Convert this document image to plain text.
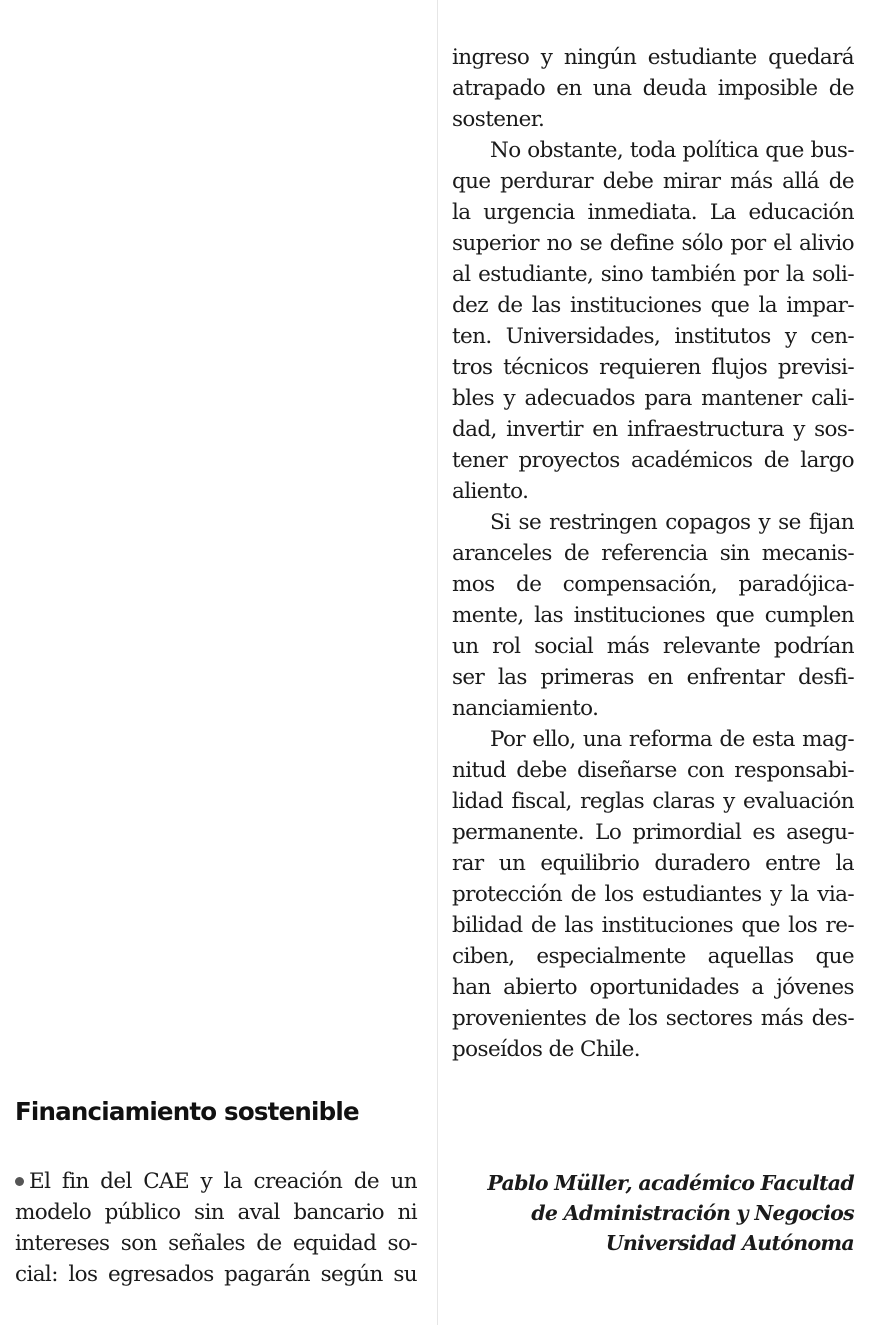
ingreso y ningún estudiante quedará
atrapado en una deuda imposible de
sostener.
No obstante, toda política que bus-
que perdurar debe mirar más allá de
la urgencia inmediata. La educación
superior no se define sólo por el alivio
al estudiante, sino también por la soli-
dez de las instituciones que la impar-
ten. Universidades, institutos y cen-
tros técnicos requieren flujos previsi-
bles y adecuados para mantener cali-
dad, invertir en infraestructura y sos-
tener proyectos académicos de largo
aliento.
Si se restringen copagos y se fijan
aranceles de referencia sin mecanis-
mos de compensación, paradójica-
mente, las instituciones que cumplen
un rol social más relevante podrían
ser las primeras en enfrentar desfi-
nanciamiento.
Por ello, una reforma de esta mag-
nitud debe diseñarse con responsabi-
lidad fiscal, reglas claras y evaluación
permanente. Lo primordial es asegu-
rar un equilibrio duradero entre la
protección de los estudiantes y la via-
bilidad de las instituciones que los re-
ciben, especialmente aquellas que
han abierto oportunidades a jóvenes
provenientes de los sectores más des-
poseídos de Chile.
Financiamiento sostenible
El fin del CAE y la creación de un
modelo público sin aval bancario ni
intereses son señales de equidad so-
cial: los egresados pagarán según su
Pablo Müller, académico Facultad
de Administración y Negocios
Universidad Autónoma
